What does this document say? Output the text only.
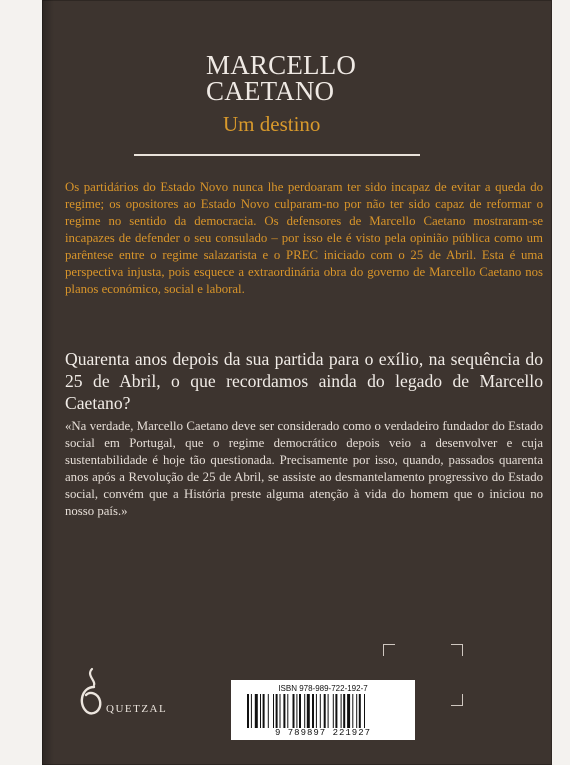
MARCELLO
CAETANO
Um destino

Os partidários do Estado Novo nunca lhe perdoaram ter sido incapaz de evitar a queda do regime; os opositores ao Estado Novo culparam-no por não ter sido capaz de reformar o regime no sentido da democracia. Os defensores de Marcello Caetano mostraram-se incapazes de defender o seu consulado – por isso ele é visto pela opinião pública como um parêntese entre o regime salazarista e o PREC iniciado com o 25 de Abril. Esta é uma perspectiva injusta, pois esquece a extraordinária obra do governo de Marcello Caetano nos planos económico, social e laboral.

Quarenta anos depois da sua partida para o exílio, na sequência do 25 de Abril, o que recordamos ainda do legado de Marcello Caetano?

«Na verdade, Marcello Caetano deve ser considerado como o verdadeiro fundador do Estado social em Portugal, que o regime democrático depois veio a desenvolver e cuja sustentabilidade é hoje tão questionada. Precisamente por isso, quando, passados quarenta anos após a Revolução de 25 de Abril, se assiste ao desmantelamento progressivo do Estado social, convém que a História preste alguma atenção à vida do homem que o iniciou no nosso país.»

QUETZAL
ISBN 978-989-722-192-7
9 789897 221927
